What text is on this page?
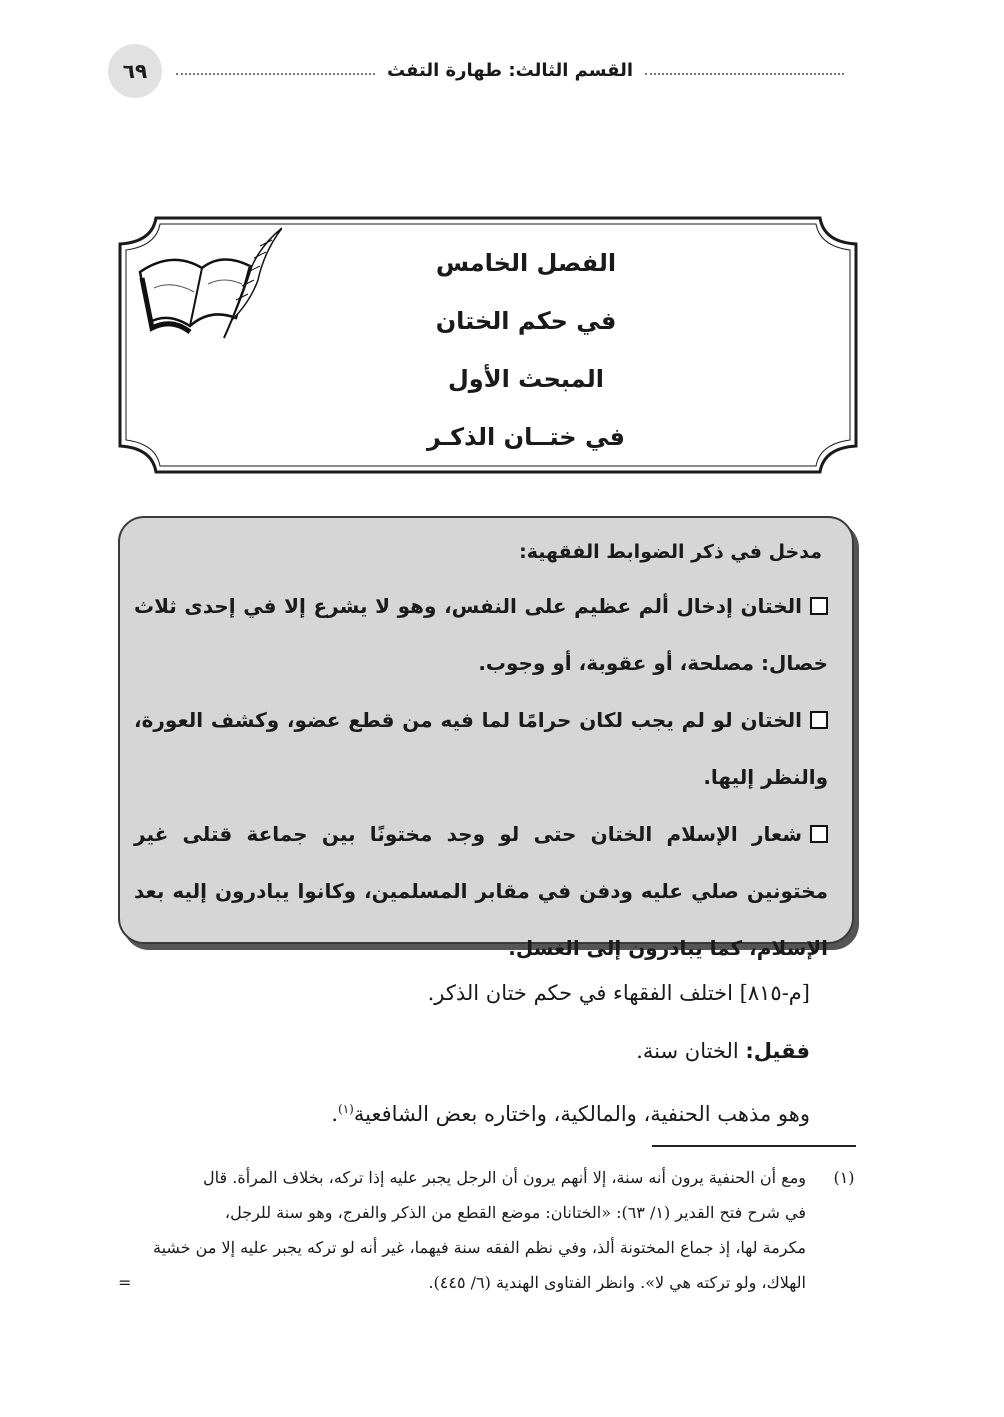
٦٩	القسم الثالث: طهارة التفث
الفصل الخامس
في حكم الختان
المبحث الأول
في ختــان الذكـر
مدخل في ذكر الضوابط الفقهية:
الختان إدخال ألم عظيم على النفس، وهو لا يشرع إلا في إحدى ثلاث خصال: مصلحة، أو عقوبة، أو وجوب.
الختان لو لم يجب لكان حرامًا لما فيه من قطع عضو، وكشف العورة، والنظر إليها.
شعار الإسلام الختان حتى لو وجد مختونًا بين جماعة قتلى غير مختونين صلي عليه ودفن في مقابر المسلمين، وكانوا يبادرون إليه بعد الإسلام، كما يبادرون إلى الغسل.

[م-٨١٥] اختلف الفقهاء في حكم ختان الذكر.

فقيل: الختان سنة.

وهو مذهب الحنفية، والمالكية، واختاره بعض الشافعية$^{(١)}$.

(١)
ومع أن الحنفية يرون أنه سنة، إلا أنهم يرون أن الرجل يجبر عليه إذا تركه، بخلاف المرأة. قال
في شرح فتح القدير (١/ ٦٣): «الختانان: موضع القطع من الذكر والفرج، وهو سنة للرجل،
مكرمة لها، إذ جماع المختونة ألذ، وفي نظم الفقه سنة فيهما، غير أنه لو تركه يجبر عليه إلا من خشية
الهلاك، ولو تركته هي لا». وانظر الفتاوى الهندية (٦/ ٤٤٥).
=
